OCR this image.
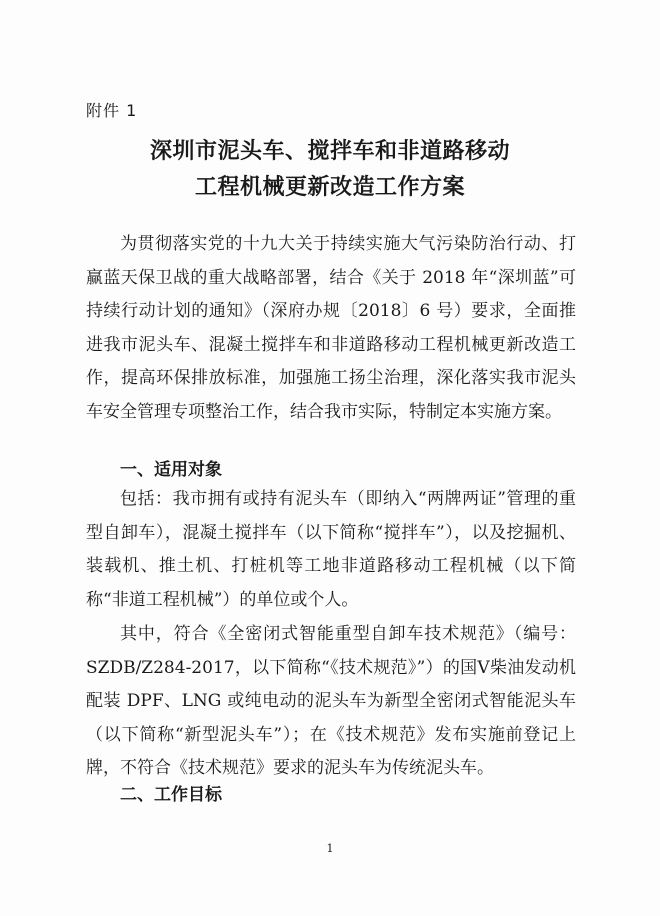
附件 1
深圳市泥头车、搅拌车和非道路移动
工程机械更新改造工作方案

为贯彻落实党的十九大关于持续实施大气污染防治行动、打赢蓝天保卫战的重大战略部署，结合《关于 2018 年“深圳蓝”可持续行动计划的通知》（深府办规〔2018〕6 号）要求，全面推进我市泥头车、混凝土搅拌车和非道路移动工程机械更新改造工作，提高环保排放标准，加强施工扬尘治理，深化落实我市泥头车安全管理专项整治工作，结合我市实际，特制定本实施方案。

一、适用对象

包括：我市拥有或持有泥头车（即纳入“两牌两证”管理的重型自卸车），混凝土搅拌车（以下简称“搅拌车”），以及挖掘机、装载机、推土机、打桩机等工地非道路移动工程机械（以下简称“非道工程机械”）的单位或个人。

其中，符合《全密闭式智能重型自卸车技术规范》（编号：SZDB/Z284-2017，以下简称“《技术规范》”）的国Ⅴ柴油发动机配装 DPF、LNG 或纯电动的泥头车为新型全密闭式智能泥头车（以下简称“新型泥头车”）；在《技术规范》发布实施前登记上牌，不符合《技术规范》要求的泥头车为传统泥头车。

二、工作目标
1
